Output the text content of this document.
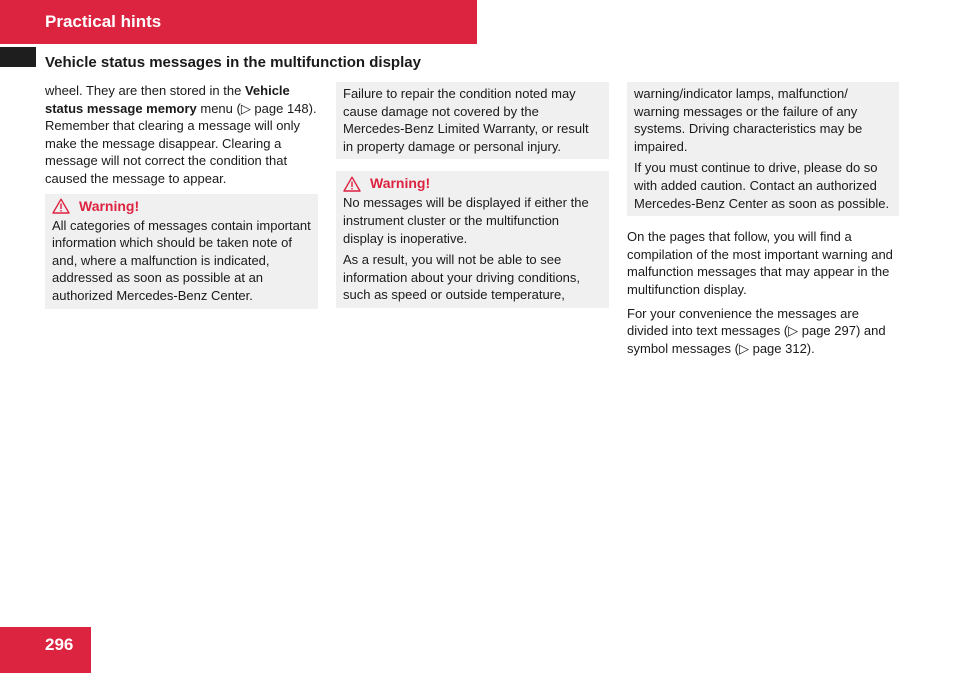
Practical hints
Vehicle status messages in the multifunction display

wheel. They are then stored in the Vehicle status message memory menu (▷ page 148). Remember that clearing a message will only make the message disappear. Clearing a message will not correct the condition that caused the message to appear.

Warning!

All categories of messages contain important information which should be taken note of and, where a malfunction is indicated, addressed as soon as possible at an authorized Mercedes-Benz Center.

Failure to repair the condition noted may cause damage not covered by the Mercedes-Benz Limited Warranty, or result in property damage or personal injury.

Warning!

No messages will be displayed if either the instrument cluster or the multifunction display is inoperative.

As a result, you will not be able to see information about your driving conditions, such as speed or outside temperature,

warning/indicator lamps, malfunction/ warning messages or the failure of any systems. Driving characteristics may be impaired.

If you must continue to drive, please do so with added caution. Contact an authorized Mercedes-Benz Center as soon as possible.

On the pages that follow, you will find a compilation of the most important warning and malfunction messages that may appear in the multifunction display.

For your convenience the messages are divided into text messages (▷ page 297) and symbol messages (▷ page 312).

296
